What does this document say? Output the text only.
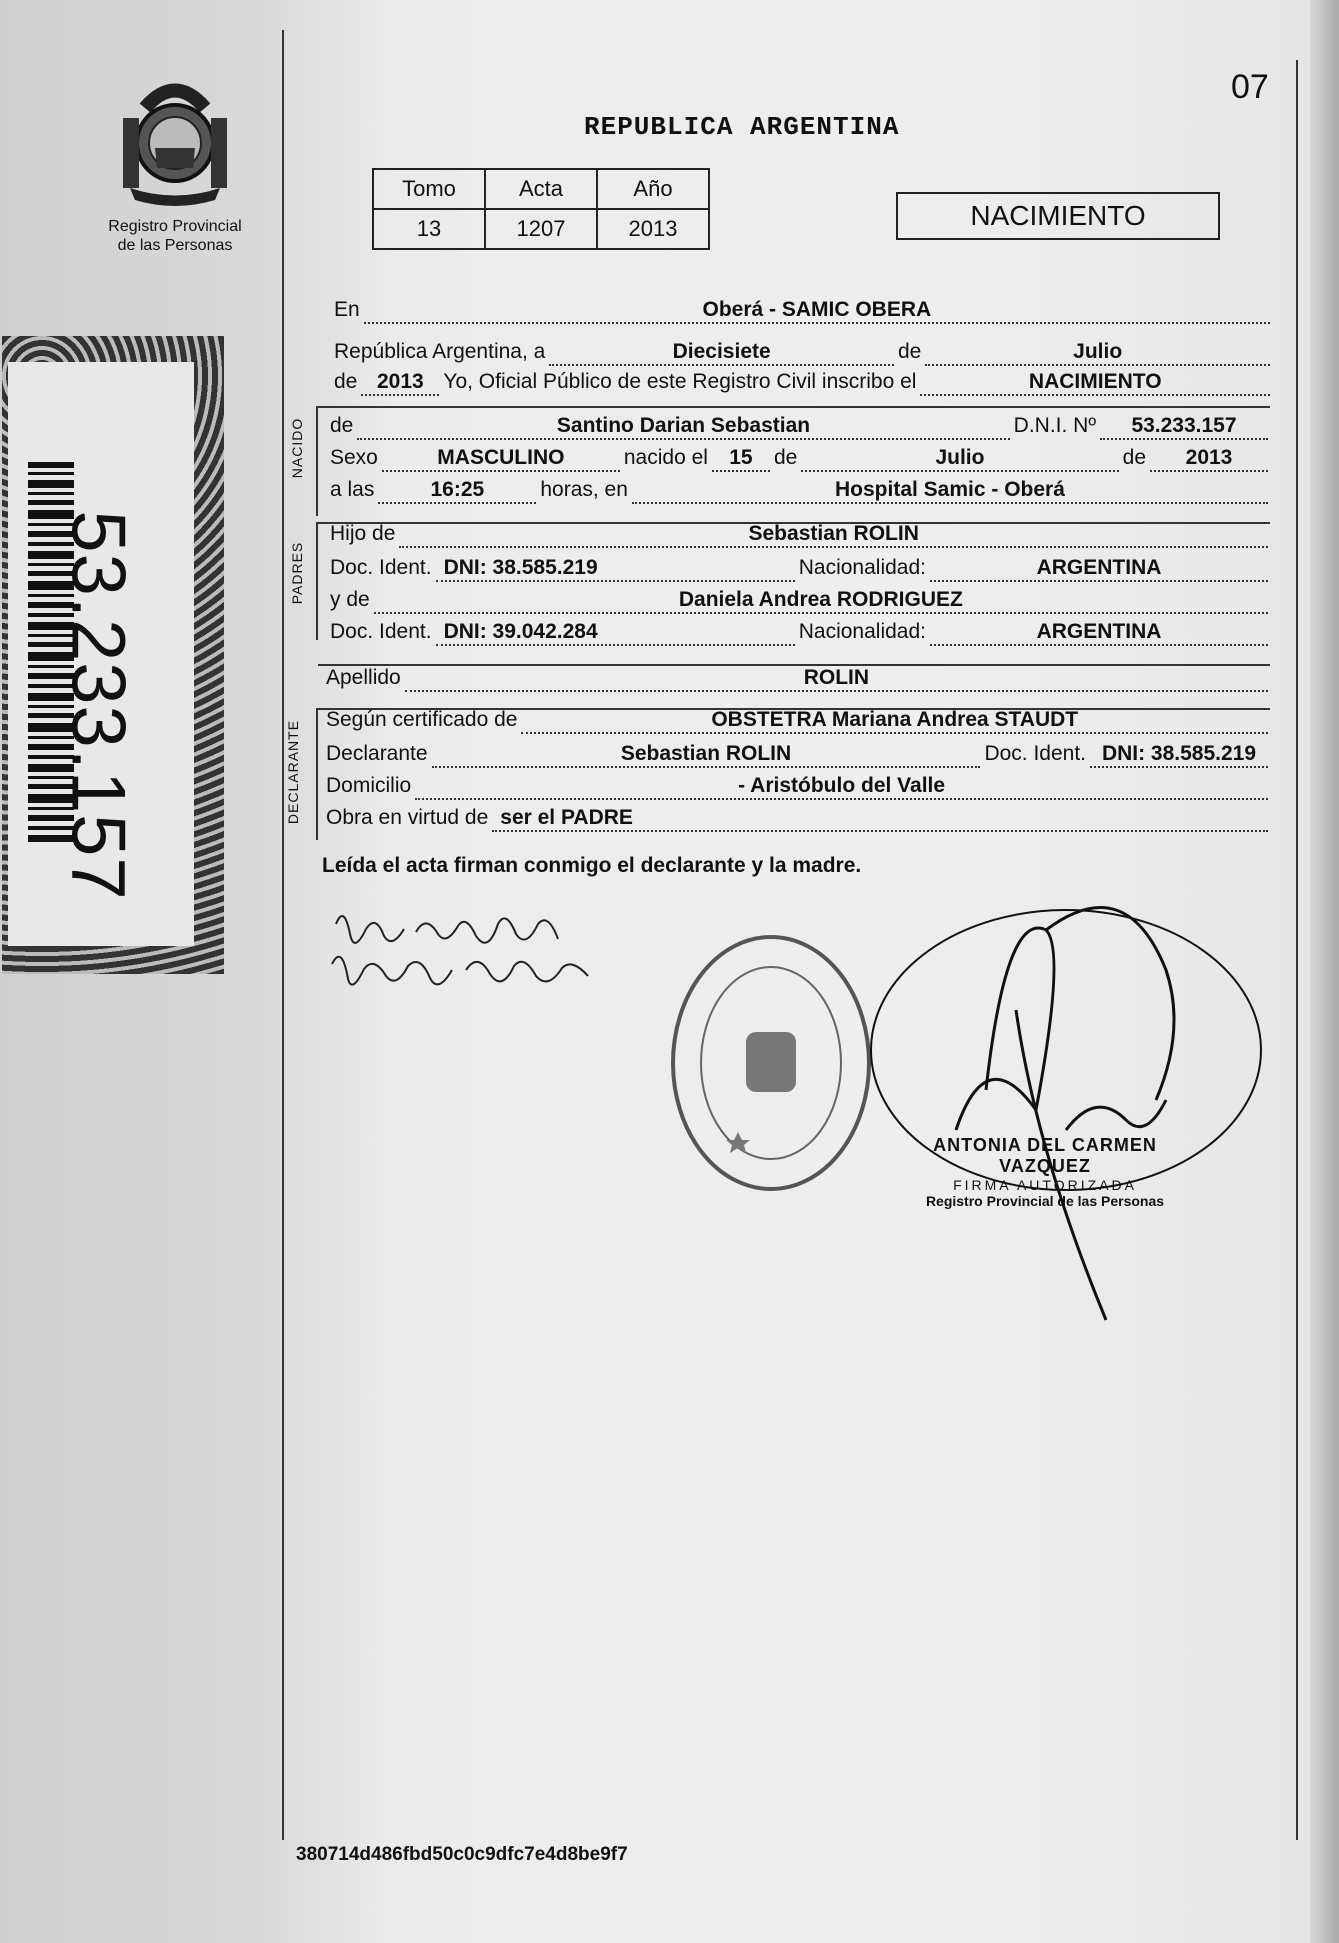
07
REPUBLICA ARGENTINA
Registro Provincial
de las Personas
53.233.157
Tomo	Acta	Año
13	1207	2013	NACIMIENTO
En	Oberá - SAMIC OBERA
República Argentina, a	Diecisiete	de	Julio
de 2013 Yo, Oficial Público de este Registro Civil inscribo el	NACIMIENTO
NACIDO de	Santino Darian Sebastian	D.N.I. Nº	53.233.157
Sexo	MASCULINO	nacido el	15	de	Julio	de	2013
a las	16:25	horas, en	Hospital Samic - Oberá
PADRES
Hijo de	Sebastian ROLIN
Doc. Ident. DNI: 38.585.219	Nacionalidad:	ARGENTINA
y de	Daniela Andrea RODRIGUEZ
Doc. Ident. DNI: 39.042.284	Nacionalidad:	ARGENTINA
Apellido	ROLIN
DECLARANTE
Según certificado de	OBSTETRA Mariana Andrea STAUDT
Declarante	Sebastian ROLIN	Doc. Ident. DNI: 38.585.219
Domicilio	- Aristóbulo del Valle
Obra en virtud de ser el PADRE
Leída el acta firman conmigo el declarante y la madre.
ANTONIA DEL CARMEN VAZQUEZ
FIRMA AUTORIZADA
Registro Provincial de las Personas
380714d486fbd50c0c9dfc7e4d8be9f7
